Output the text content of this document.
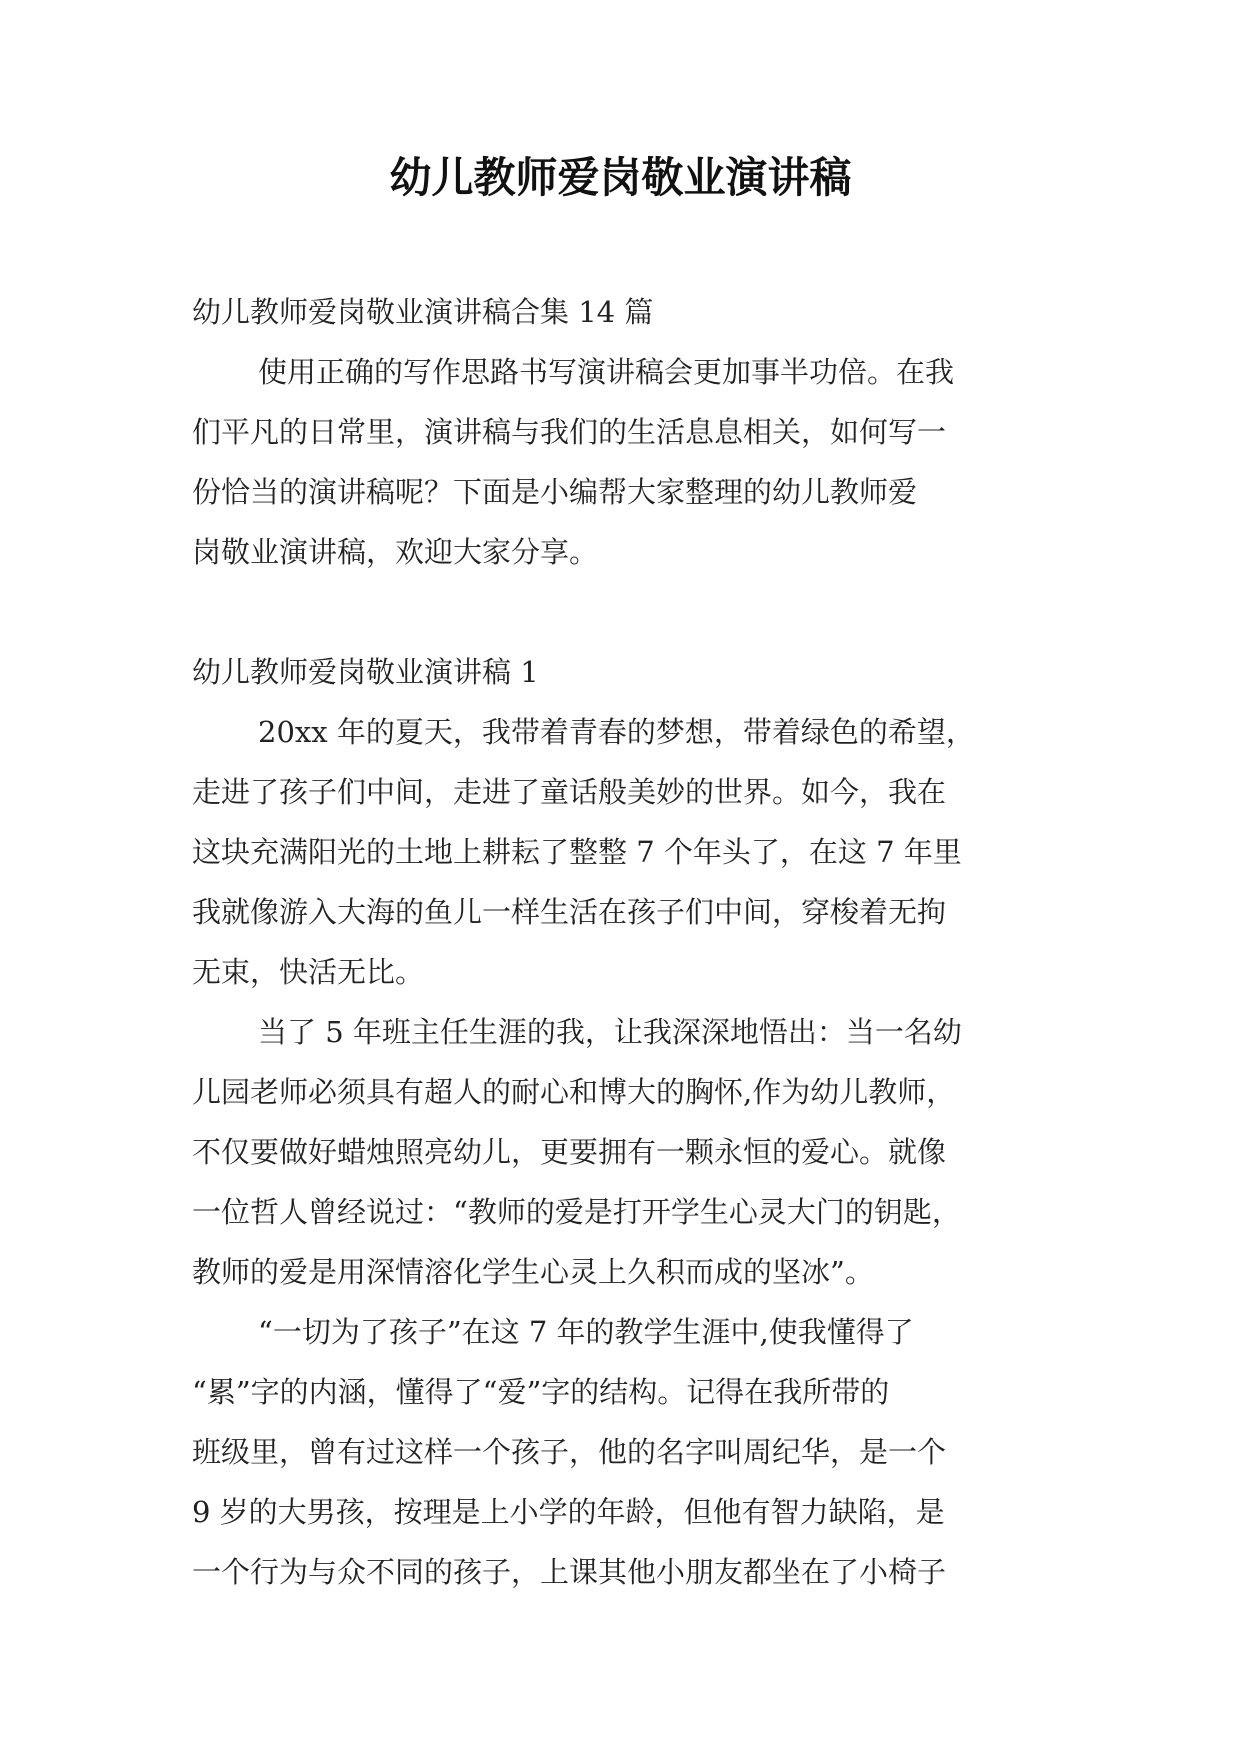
幼儿教师爱岗敬业演讲稿
幼儿教师爱岗敬业演讲稿合集 14 篇
使用正确的写作思路书写演讲稿会更加事半功倍。在我
们平凡的日常里，演讲稿与我们的生活息息相关，如何写一
份恰当的演讲稿呢？下面是小编帮大家整理的幼儿教师爱
岗敬业演讲稿，欢迎大家分享。
幼儿教师爱岗敬业演讲稿 1
20xx 年的夏天，我带着青春的梦想，带着绿色的希望，
走进了孩子们中间，走进了童话般美妙的世界。如今，我在
这块充满阳光的土地上耕耘了整整 7 个年头了，在这 7 年里
我就像游入大海的鱼儿一样生活在孩子们中间，穿梭着无拘
无束，快活无比。
当了 5 年班主任生涯的我，让我深深地悟出：当一名幼
儿园老师必须具有超人的耐心和博大的胸怀,作为幼儿教师，
不仅要做好蜡烛照亮幼儿，更要拥有一颗永恒的爱心。就像
一位哲人曾经说过：“教师的爱是打开学生心灵大门的钥匙，
教师的爱是用深情溶化学生心灵上久积而成的坚冰”。
“一切为了孩子”在这 7 年的教学生涯中,使我懂得了
“累”字的内涵，懂得了“爱”字的结构。记得在我所带的
班级里，曾有过这样一个孩子，他的名字叫周纪华，是一个
9 岁的大男孩，按理是上小学的年龄，但他有智力缺陷，是
一个行为与众不同的孩子，上课其他小朋友都坐在了小椅子
